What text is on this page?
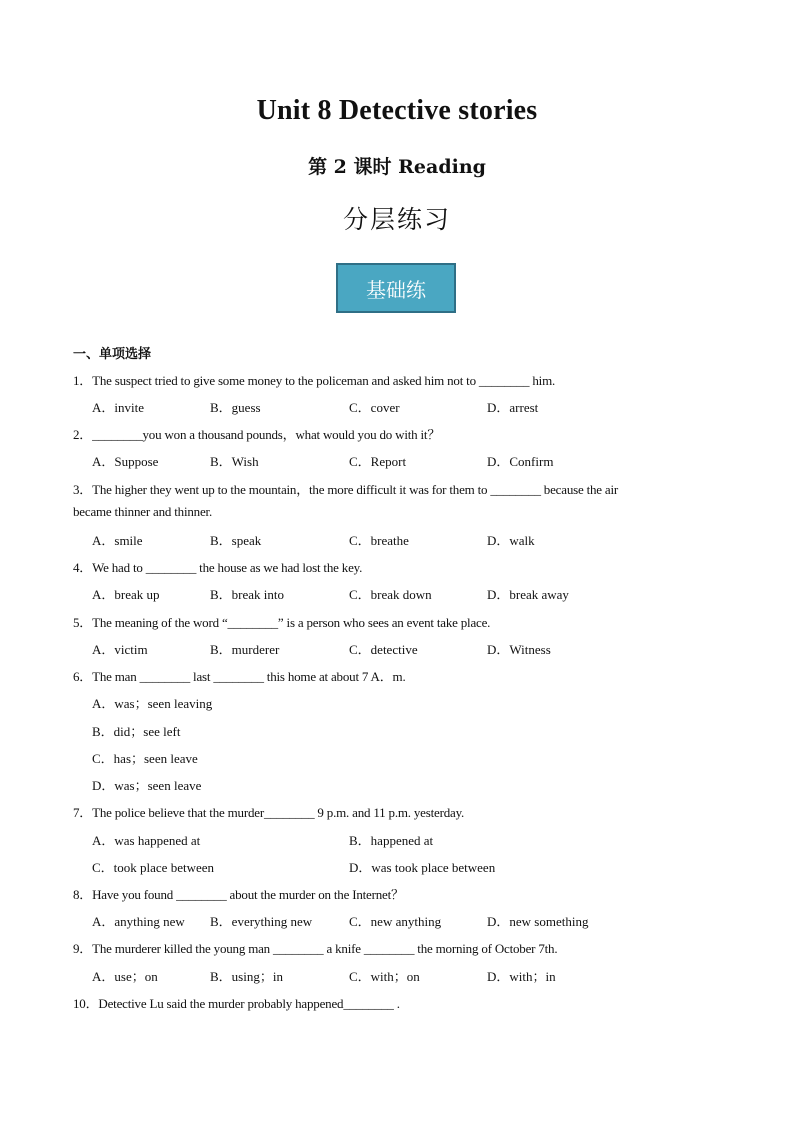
Unit 8 Detective stories
第 2 课时 Reading
分层练习
基础练
一、单项选择
1．The suspect tried to give some money to the policeman and asked him not to ________ him.
A．invite	B．guess	C．cover	D．arrest
2．________you won a thousand pounds，what would you do with it？
A．Suppose	B．Wish	C．Report	D．Confirm
3．The higher they went up to the mountain，the more difficult it was for them to ________ because the air
became thinner and thinner.
A．smile	B．speak	C．breathe	D．walk
4．We had to ________ the house as we had lost the key.
A．break up	B．break into	C．break down	D．break away
5．The meaning of the word “________” is a person who sees an event take place.
A．victim	B．murderer	C．detective	D．Witness
6．The man ________ last ________ this home at about 7 A．m.
A．was；seen leaving
B．did；see left
C．has；seen leave
D．was；seen leave
7．The police believe that the murder________ 9 p.m. and 11 p.m. yesterday.
A．was happened at	B．happened at
C．took place between	D．was took place between
8．Have you found ________ about the murder on the Internet？
A．anything new B．everything new	C．new anything	D．new something
9．The murderer killed the young man ________ a knife ________ the morning of October 7th.
A．use；on	B．using；in	C．with；on	D．with；in
10．Detective Lu said the murder probably happened________ .
